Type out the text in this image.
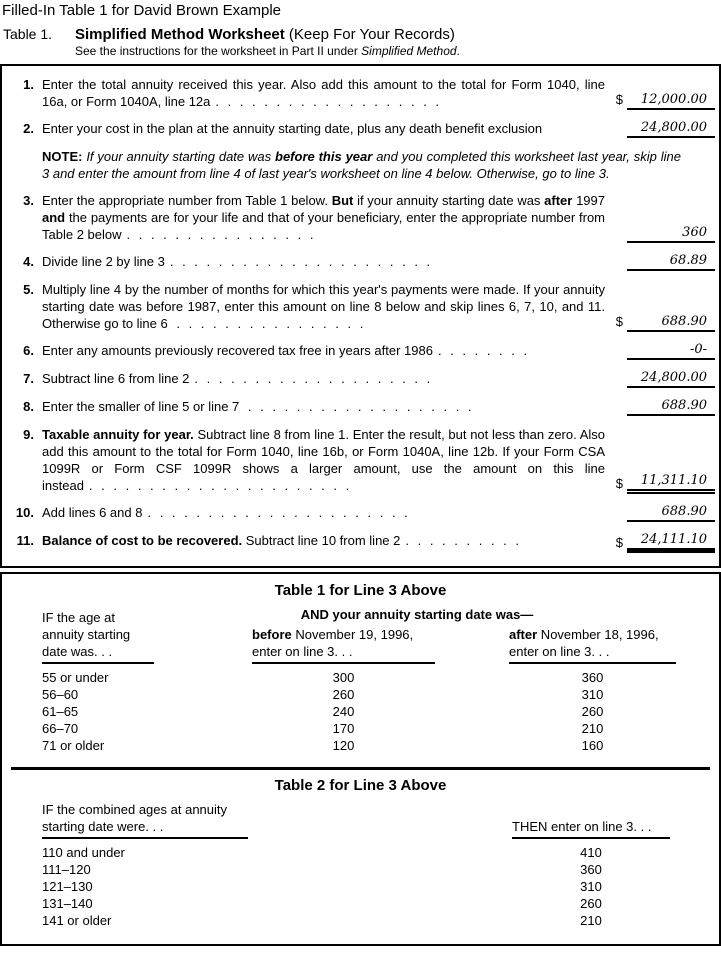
Filled-In Table 1 for David Brown Example
Table 1.	Simplified Method Worksheet (Keep For Your Records)
See the instructions for the worksheet in Part II under Simplified Method.
1. Enter the total annuity received this year. Also add this amount to the total for Form 1040, line 16a, or Form 1040A, line 12a . . . . . . . . . . . . . . . . . . .	$	12,000.00
2. Enter your cost in the plan at the annuity starting date, plus any death benefit exclusion	24,800.00
NOTE: If your annuity starting date was before this year and you completed this worksheet last year, skip line 3 and enter the amount from line 4 of last year's worksheet on line 4 below. Otherwise, go to line 3.
3. Enter the appropriate number from Table 1 below. But if your annuity starting date was after 1997 and the payments are for your life and that of your beneficiary, enter the appropriate number from Table 2 below . . . . . . . . . . . . . . . .	360
4. Divide line 2 by line 3 . . . . . . . . . . . . . . . . . . . . . .	68.89
5. Multiply line 4 by the number of months for which this year's payments were made. If your annuity starting date was before 1987, enter this amount on line 8 below and skip lines 6, 7, 10, and 11. Otherwise go to line 6 . . . . . . . . . . . . . . . .	$	688.90
6. Enter any amounts previously recovered tax free in years after 1986 . . . . . . . .	-0-
7. Subtract line 6 from line 2 . . . . . . . . . . . . . . . . . . . .	24,800.00
8. Enter the smaller of line 5 or line 7 . . . . . . . . . . . . . . . . . . .	688.90
9. Taxable annuity for year. Subtract line 8 from line 1. Enter the result, but not less than zero. Also add this amount to the total for Form 1040, line 16b, or Form 1040A, line 12b. If your Form CSA 1099R or Form CSF 1099R shows a larger amount, use the amount on this line instead . . . . . . . . . . . . . . . . . . . . . .	$	11,311.10
10. Add lines 6 and 8 . . . . . . . . . . . . . . . . . . . . . .	688.90
11. Balance of cost to be recovered. Subtract line 10 from line 2 . . . . . . . . . .	$	24,111.10
Table 1 for Line 3 Above
IF the age at
annuity starting
date was. . .
AND your annuity starting date was—
before November 19, 1996,
enter on line 3. . .
after November 18, 1996,
enter on line 3. . .
55 or under	300	360
56–60	260	310
61–65	240	260
66–70	170	210
71 or older	120	160
Table 2 for Line 3 Above
IF the combined ages at annuity
starting date were. . .	THEN enter on line 3. . .
110 and under	410
111–120	360
121–130	310
131–140	260
141 or older	210
